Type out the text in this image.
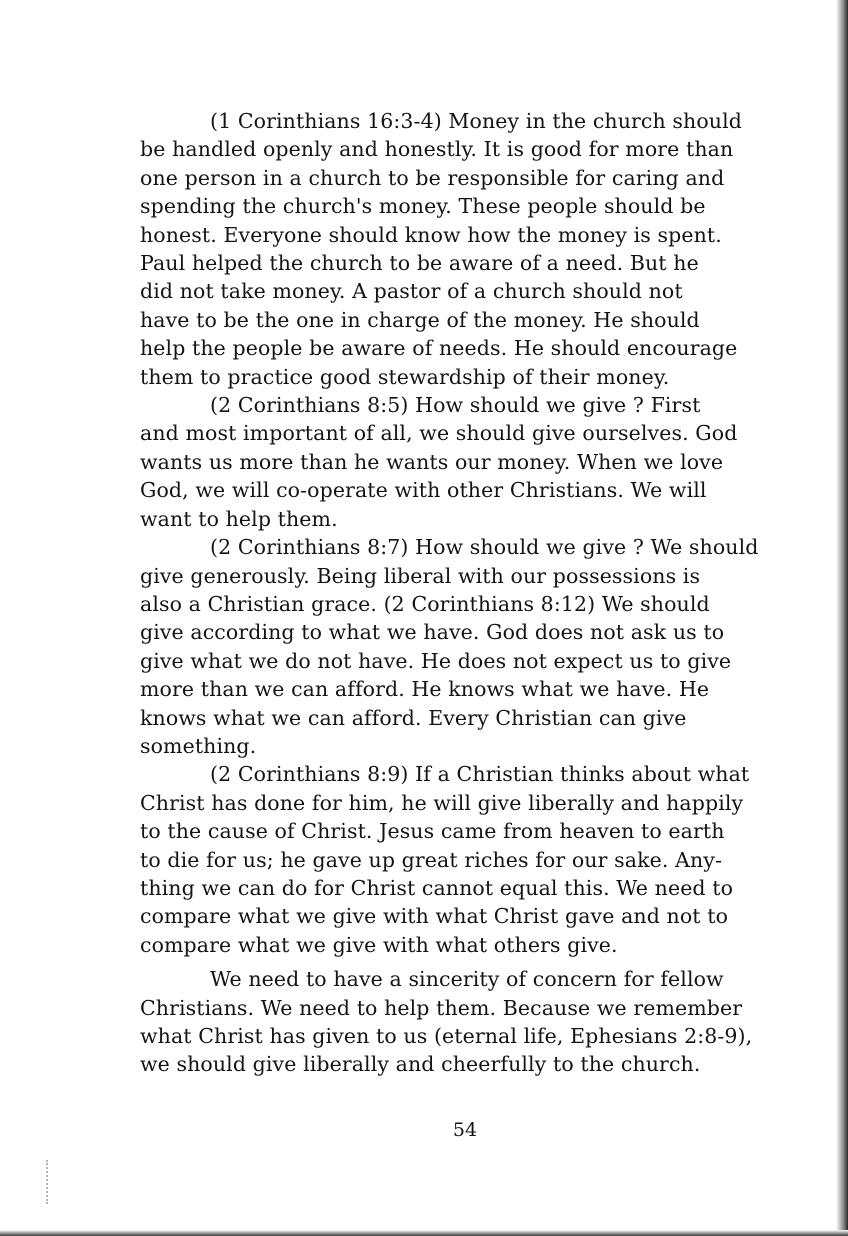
(1 Corinthians 16:3-4) Money in the church should
be handled openly and honestly. It is good for more than
one person in a church to be responsible for caring and
spending the church's money. These people should be
honest. Everyone should know how the money is spent.
Paul helped the church to be aware of a need. But he
did not take money. A pastor of a church should not
have to be the one in charge of the money. He should
help the people be aware of needs. He should encourage
them to practice good stewardship of their money.
(2 Corinthians 8:5) How should we give ? First
and most important of all, we should give ourselves. God
wants us more than he wants our money. When we love
God, we will co-operate with other Christians. We will
want to help them.
(2 Corinthians 8:7) How should we give ? We should
give generously. Being liberal with our possessions is
also a Christian grace. (2 Corinthians 8:12) We should
give according to what we have. God does not ask us to
give what we do not have. He does not expect us to give
more than we can afford. He knows what we have. He
knows what we can afford. Every Christian can give
something.
(2 Corinthians 8:9) If a Christian thinks about what
Christ has done for him, he will give liberally and happily
to the cause of Christ. Jesus came from heaven to earth
to die for us; he gave up great riches for our sake. Any-
thing we can do for Christ cannot equal this. We need to
compare what we give with what Christ gave and not to
compare what we give with what others give.
We need to have a sincerity of concern for fellow
Christians. We need to help them. Because we remember
what Christ has given to us (eternal life, Ephesians 2:8-9),
we should give liberally and cheerfully to the church.
54
